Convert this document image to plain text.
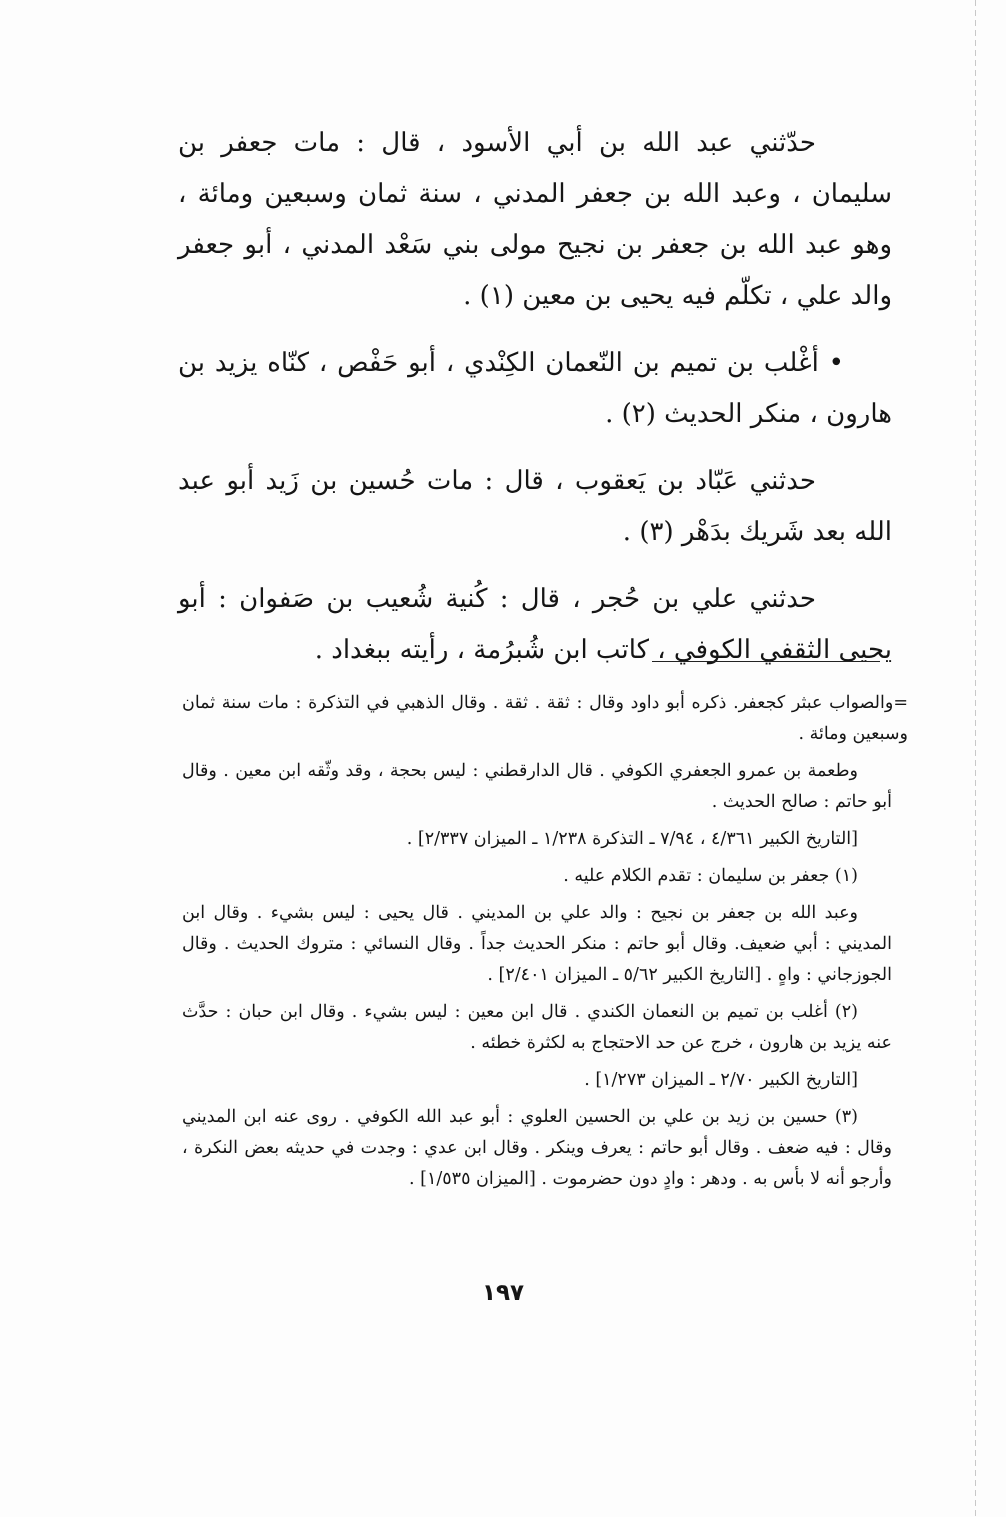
حدّثني عبد الله بن أبي الأسود ، قال : مات جعفر بن سليمان ، وعبد الله بن جعفر المدني ، سنة ثمان وسبعين ومائة ، وهو عبد الله بن جعفر بن نجيح مولى بني سَعْد المدني ، أبو جعفر والد علي ، تكلّم فيه يحيى بن معين (١) .

• أغْلب بن تميم بن النّعمان الكِنْدي ، أبو حَفْص ، كنّاه يزيد بن هارون ، منكر الحديث (٢) .

حدثني عَبّاد بن يَعقوب ، قال : مات حُسين بن زَيد أبو عبد الله بعد شَريك بدَهْر (٣) .

حدثني علي بن حُجر ، قال : كُنية شُعيب بن صَفوان : أبو يحيى الثقفي الكوفي ، كاتب ابن شُبرُمة ، رأيته ببغداد .

=والصواب عبثر كجعفر. ذكره أبو داود وقال : ثقة . ثقة . وقال الذهبي في التذكرة : مات سنة ثمان وسبعين ومائة .

وطعمة بن عمرو الجعفري الكوفي . قال الدارقطني : ليس بحجة ، وقد وثّقه ابن معين . وقال أبو حاتم : صالح الحديث .

[التاريخ الكبير ٤/٣٦١ ، ٧/٩٤ ـ التذكرة ١/٢٣٨ ـ الميزان ٢/٣٣٧] .

(١) جعفر بن سليمان : تقدم الكلام عليه .

وعبد الله بن جعفر بن نجيح : والد علي بن المديني . قال يحيى : ليس بشيء . وقال ابن المديني : أبي ضعيف. وقال أبو حاتم : منكر الحديث جداً . وقال النسائي : متروك الحديث . وقال الجوزجاني : واهٍ . [التاريخ الكبير ٥/٦٢ ـ الميزان ٢/٤٠١] .

(٢) أغلب بن تميم بن النعمان الكندي . قال ابن معين : ليس بشيء . وقال ابن حبان : حدَّث عنه يزيد بن هارون ، خرج عن حد الاحتجاج به لكثرة خطئه .

[التاريخ الكبير ٢/٧٠ ـ الميزان ١/٢٧٣] .

(٣) حسين بن زيد بن علي بن الحسين العلوي : أبو عبد الله الكوفي . روى عنه ابن المديني وقال : فيه ضعف . وقال أبو حاتم : يعرف وينكر . وقال ابن عدي : وجدت في حديثه بعض النكرة ، وأرجو أنه لا بأس به . ودهر : وادٍ دون حضرموت . [الميزان ١/٥٣٥] .

١٩٧
